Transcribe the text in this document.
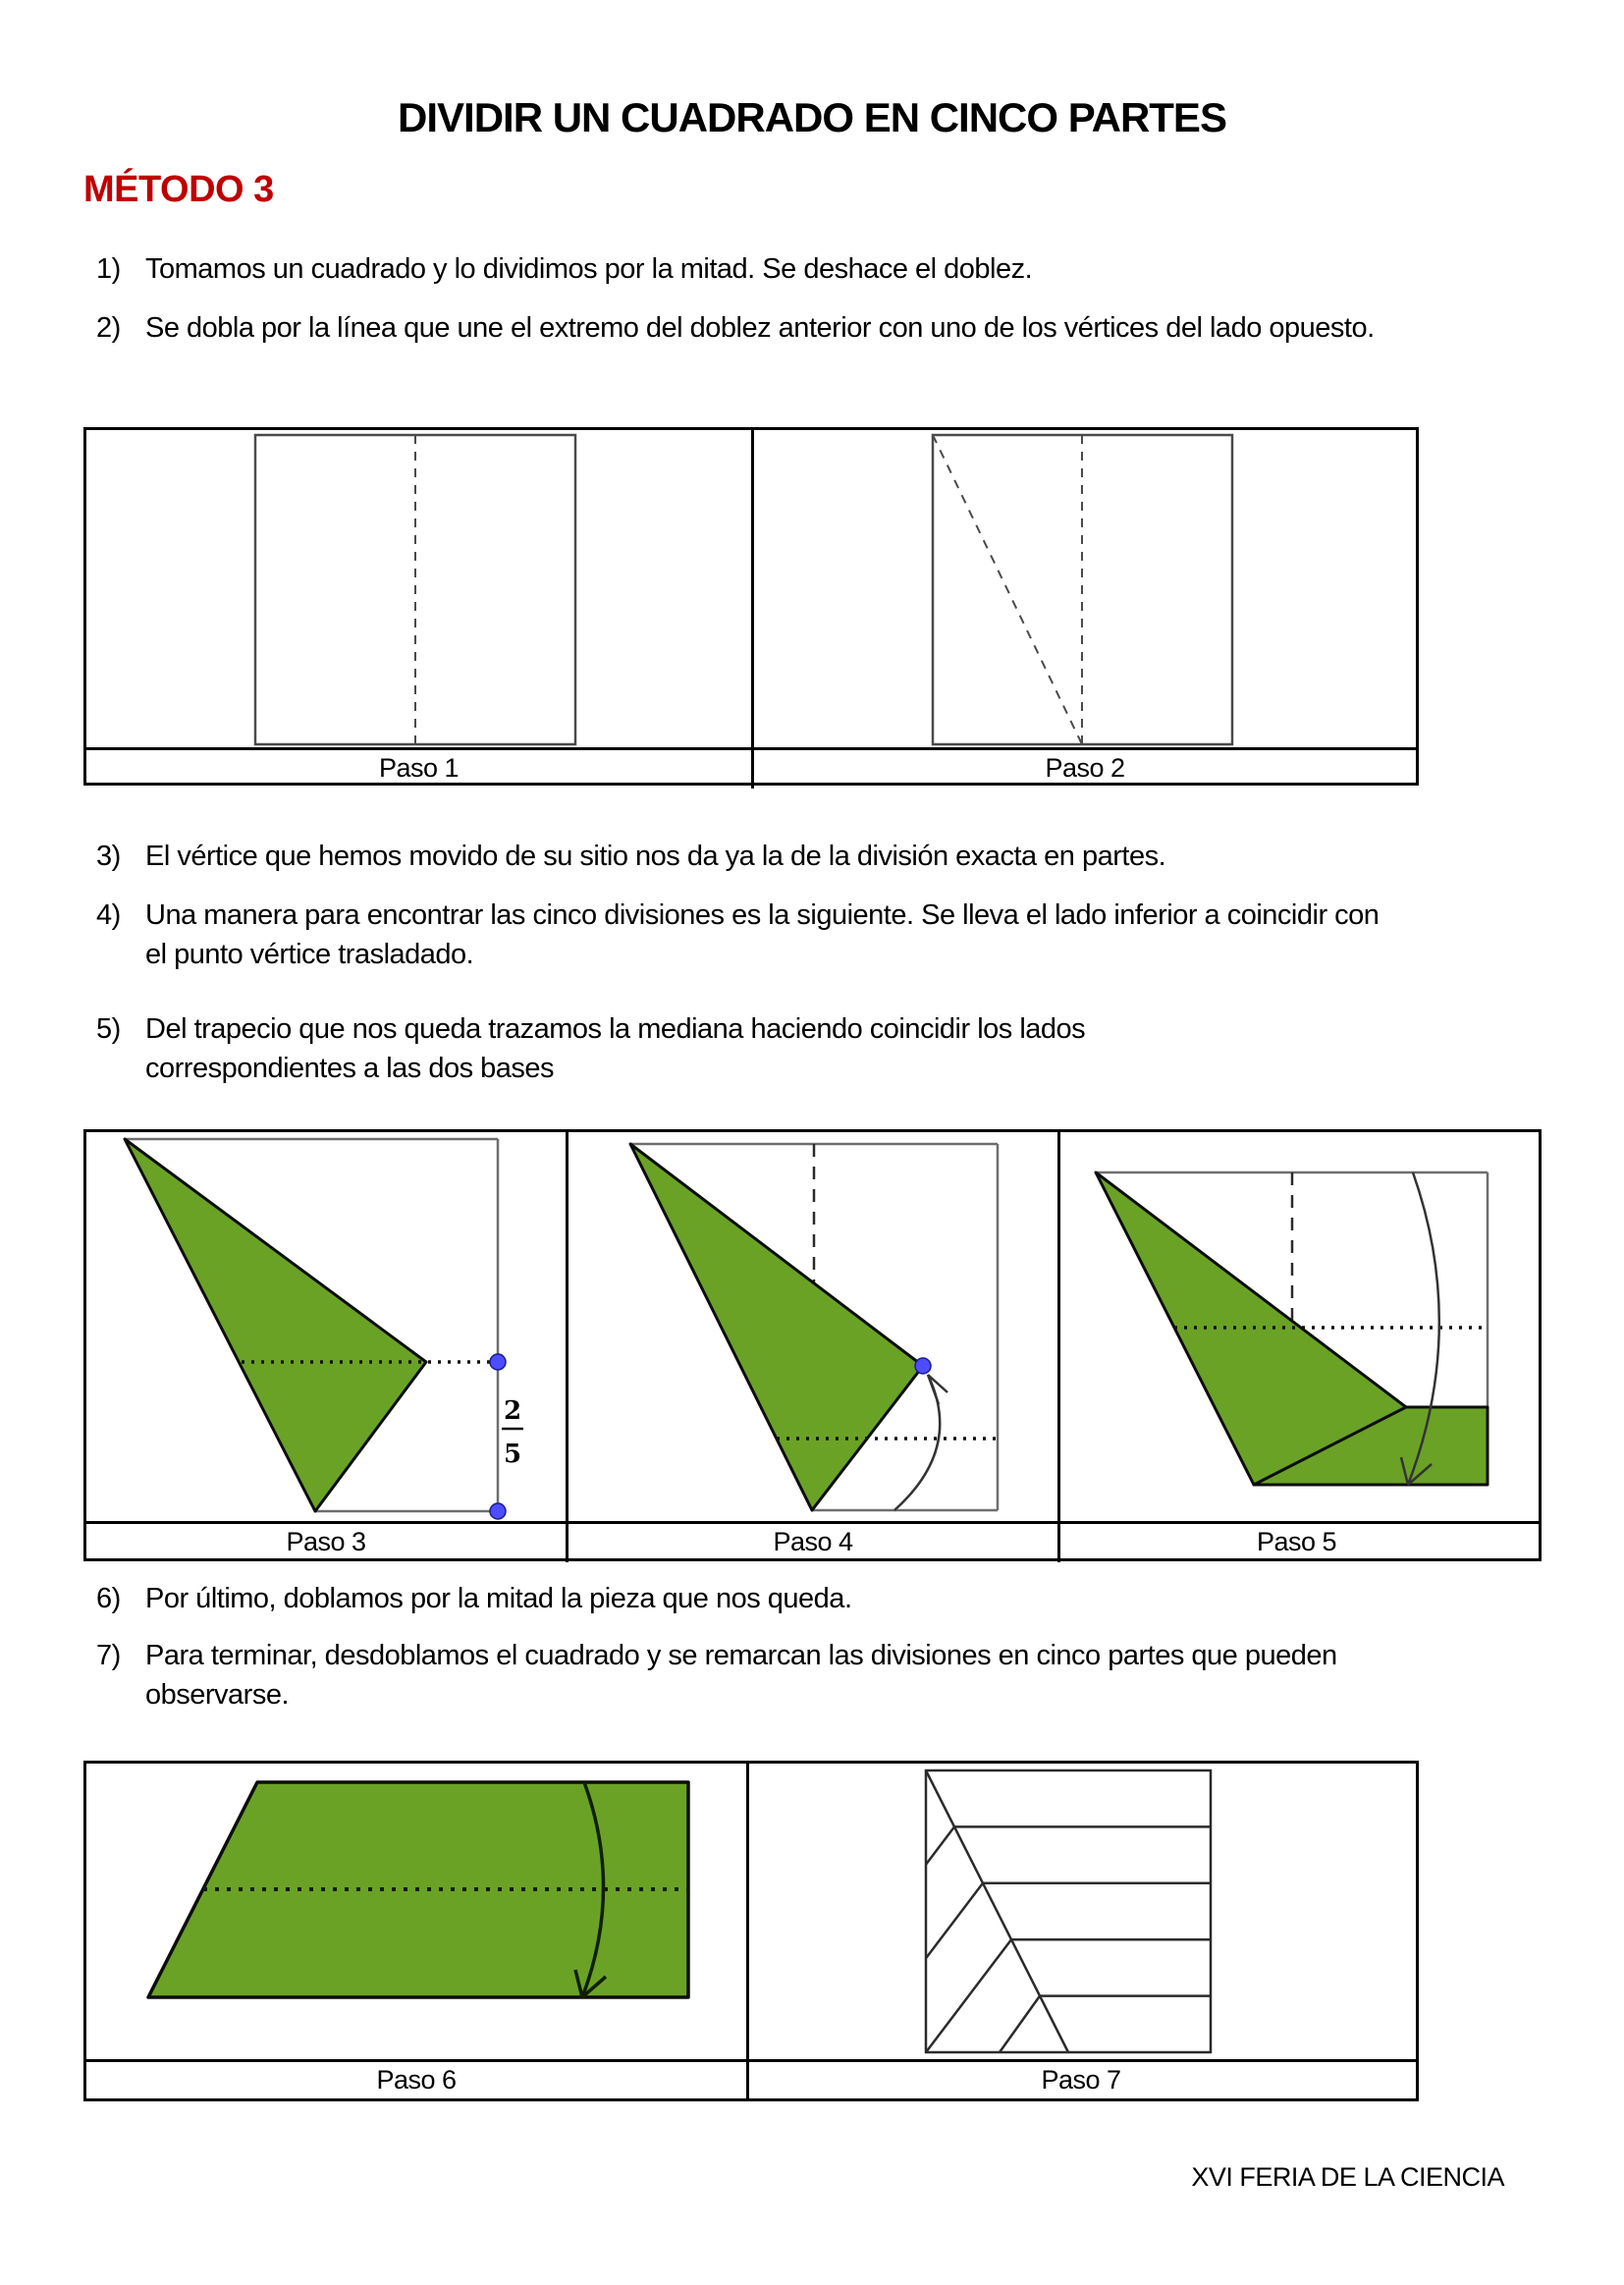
DIVIDIR UN CUADRADO EN CINCO PARTES
MÉTODO 3
1) Tomamos un cuadrado y lo dividimos por la mitad. Se deshace el doblez.
2) Se dobla por la línea que une el extremo del doblez anterior con uno de los vértices del lado opuesto.
Paso 1	Paso 2
3) El vértice que hemos movido de su sitio nos da ya la de la división exacta en partes.
4) Una manera para encontrar las cinco divisiones es la siguiente. Se lleva el lado inferior a coincidir con el punto vértice trasladado.
5) Del trapecio que nos queda trazamos la mediana haciendo coincidir los lados correspondientes a las dos bases
2
5
Paso 3	Paso 4	Paso 5
6) Por último, doblamos por la mitad la pieza que nos queda.
7) Para terminar, desdoblamos el cuadrado y se remarcan las divisiones en cinco partes que pueden observarse.
Paso 6	Paso 7
XVI FERIA DE LA CIENCIA
